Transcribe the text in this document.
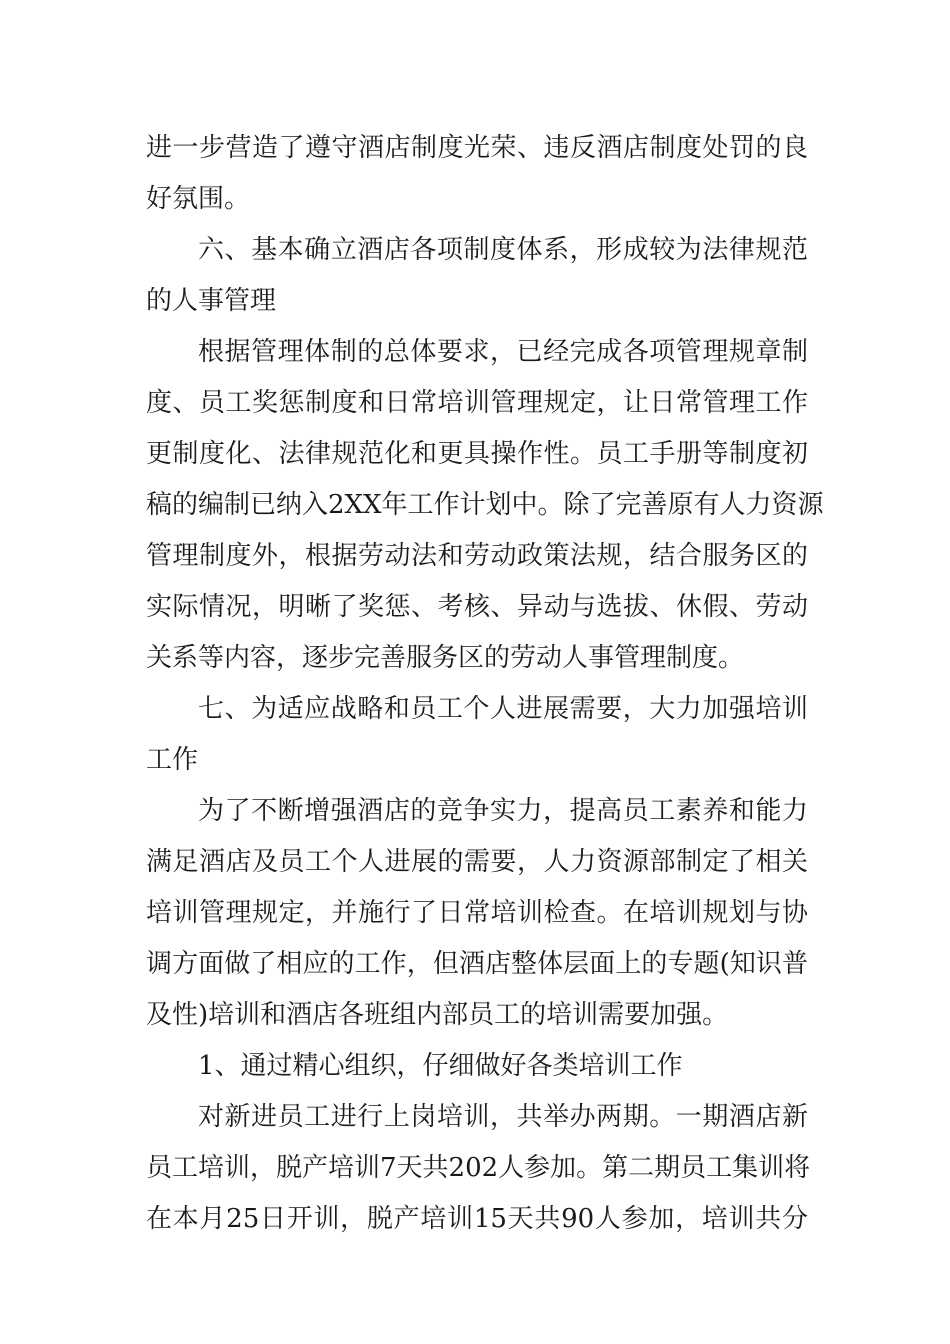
进一步营造了遵守酒店制度光荣、违反酒店制度处罚的良
好氛围。
六、基本确立酒店各项制度体系，形成较为法律规范
的人事管理
根据管理体制的总体要求，已经完成各项管理规章制
度、员工奖惩制度和日常培训管理规定，让日常管理工作
更制度化、法律规范化和更具操作性。员工手册等制度初
稿的编制已纳入2XX年工作计划中。除了完善原有人力资源
管理制度外，根据劳动法和劳动政策法规，结合服务区的
实际情况，明晰了奖惩、考核、异动与选拔、休假、劳动
关系等内容，逐步完善服务区的劳动人事管理制度。
七、为适应战略和员工个人进展需要，大力加强培训
工作
为了不断增强酒店的竞争实力，提高员工素养和能力
满足酒店及员工个人进展的需要，人力资源部制定了相关
培训管理规定，并施行了日常培训检查。在培训规划与协
调方面做了相应的工作，但酒店整体层面上的专题(知识普
及性)培训和酒店各班组内部员工的培训需要加强。
1、通过精心组织，仔细做好各类培训工作
对新进员工进行上岗培训，共举办两期。一期酒店新
员工培训，脱产培训7天共202人参加。第二期员工集训将
在本月25日开训，脱产培训15天共90人参加，培训共分
